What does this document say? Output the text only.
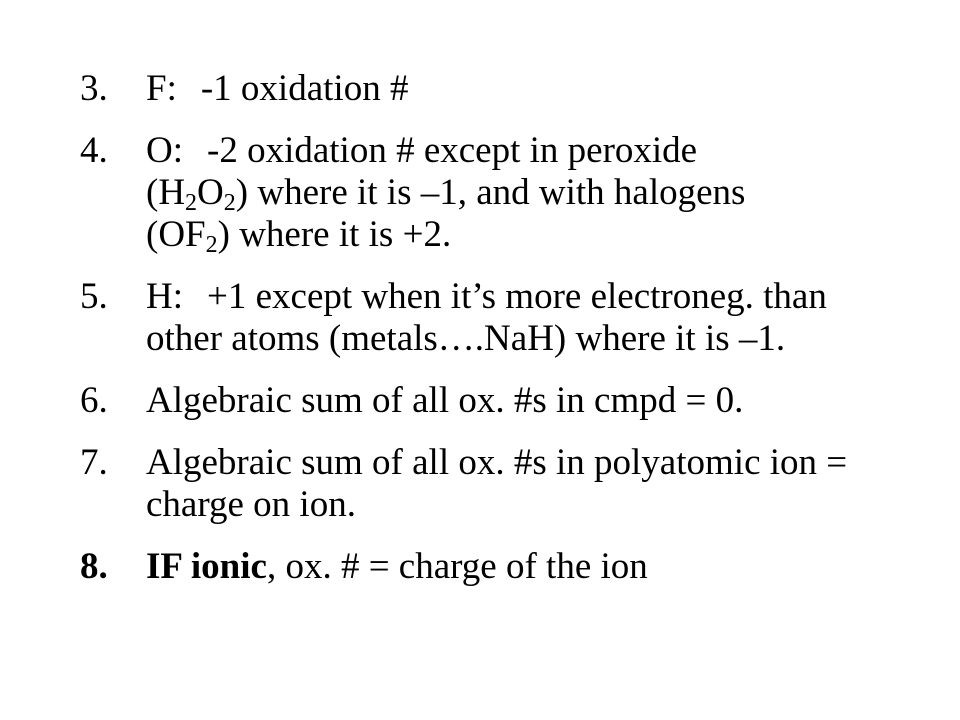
3.	F: -1 oxidation #
4.	O: -2 oxidation # except in peroxide
$(H_2O_2)$ where it is –1, and with halogens
$(OF_2)$ where it is +2.
5.	H: +1 except when it’s more electroneg. than other atoms (metals….NaH) where it is –1.
6.	Algebraic sum of all ox. #s in cmpd = 0.
7.	Algebraic sum of all ox. #s in polyatomic ion = charge on ion.
8.	IF ionic, ox. # = charge of the ion
